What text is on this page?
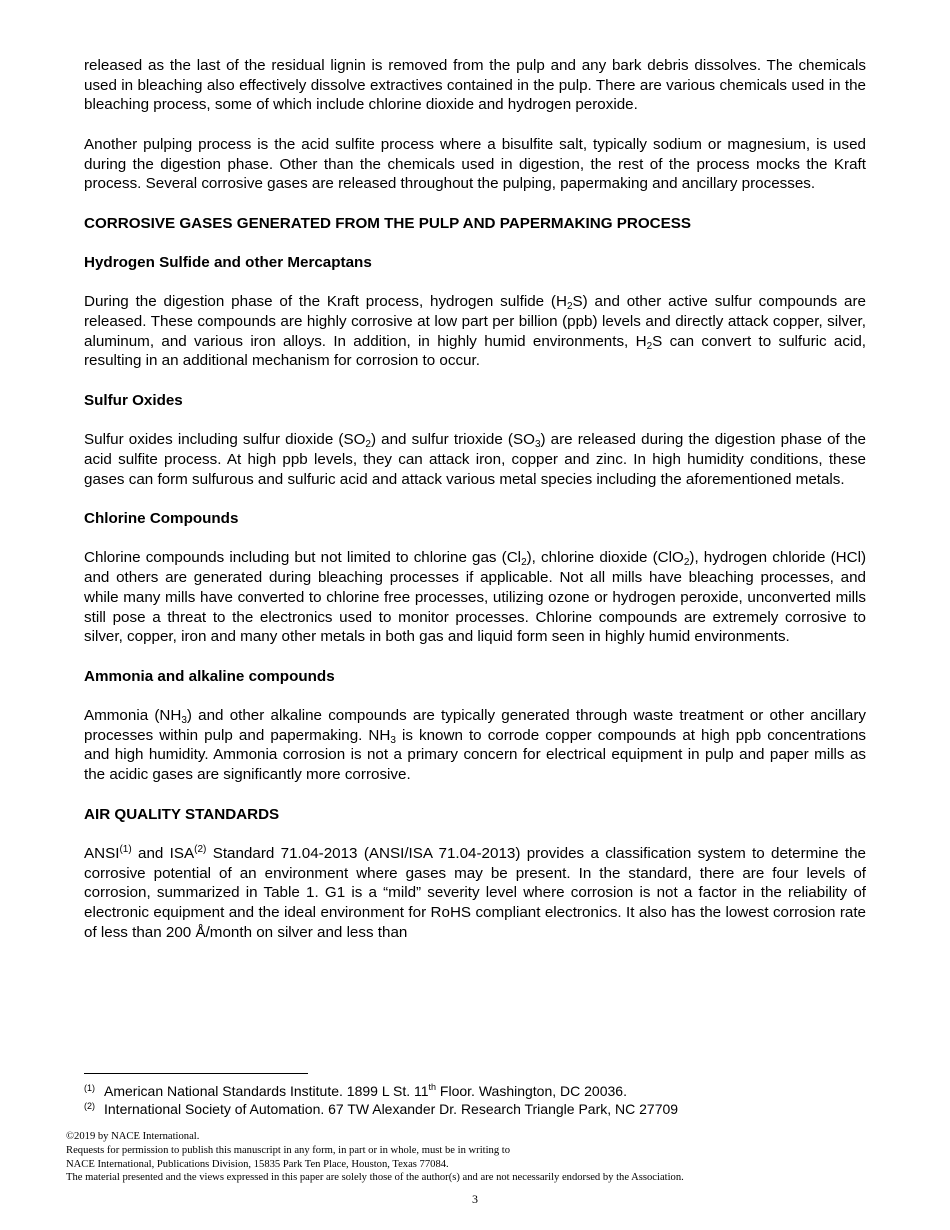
released as the last of the residual lignin is removed from the pulp and any bark debris dissolves. The chemicals used in bleaching also effectively dissolve extractives contained in the pulp. There are various chemicals used in the bleaching process, some of which include chlorine dioxide and hydrogen peroxide.

Another pulping process is the acid sulfite process where a bisulfite salt, typically sodium or magnesium, is used during the digestion phase. Other than the chemicals used in digestion, the rest of the process mocks the Kraft process. Several corrosive gases are released throughout the pulping, papermaking and ancillary processes.

CORROSIVE GASES GENERATED FROM THE PULP AND PAPERMAKING PROCESS

Hydrogen Sulfide and other Mercaptans

During the digestion phase of the Kraft process, hydrogen sulfide $(H_2S)$ and other active sulfur compounds are released. These compounds are highly corrosive at low part per billion (ppb) levels and directly attack copper, silver, aluminum, and various iron alloys. In addition, in highly humid environments, $H_2S$ can convert to sulfuric acid, resulting in an additional mechanism for corrosion to occur.

Sulfur Oxides

Sulfur oxides including sulfur dioxide $(SO_2)$ and sulfur trioxide $(SO_3)$ are released during the digestion phase of the acid sulfite process. At high ppb levels, they can attack iron, copper and zinc. In high humidity conditions, these gases can form sulfurous and sulfuric acid and attack various metal species including the aforementioned metals.

Chlorine Compounds

Chlorine compounds including but not limited to chlorine gas $(Cl_2)$, chlorine dioxide (ClO$_2$), hydrogen chloride (HCl) and others are generated during bleaching processes if applicable. Not all mills have bleaching processes, and while many mills have converted to chlorine free processes, utilizing ozone or hydrogen peroxide, unconverted mills still pose a threat to the electronics used to monitor processes. Chlorine compounds are extremely corrosive to silver, copper, iron and many other metals in both gas and liquid form seen in highly humid environments.

Ammonia and alkaline compounds

Ammonia $(NH_3)$ and other alkaline compounds are typically generated through waste treatment or other ancillary processes within pulp and papermaking. $NH_3$ is known to corrode copper compounds at high ppb concentrations and high humidity. Ammonia corrosion is not a primary concern for electrical equipment in pulp and paper mills as the acidic gases are significantly more corrosive.

AIR QUALITY STANDARDS

ANSI$^{(1)}$ and ISA$^{(2)}$ Standard 71.04-2013 (ANSI/ISA 71.04-2013) provides a classification system to determine the corrosive potential of an environment where gases may be present. In the standard, there are four levels of corrosion, summarized in Table 1. G1 is a “mild” severity level where corrosion is not a factor in the reliability of electronic equipment and the ideal environment for RoHS compliant electronics. It also has the lowest corrosion rate of less than 200 Å/month on silver and less than

(1) American National Standards Institute. 1899 L St. 11th Floor. Washington, DC 20036.
(2) International Society of Automation. 67 TW Alexander Dr. Research Triangle Park, NC 27709
©2019 by NACE International.
Requests for permission to publish this manuscript in any form, in part or in whole, must be in writing to
NACE International, Publications Division, 15835 Park Ten Place, Houston, Texas 77084.
The material presented and the views expressed in this paper are solely those of the author(s) and are not necessarily endorsed by the Association.
3
